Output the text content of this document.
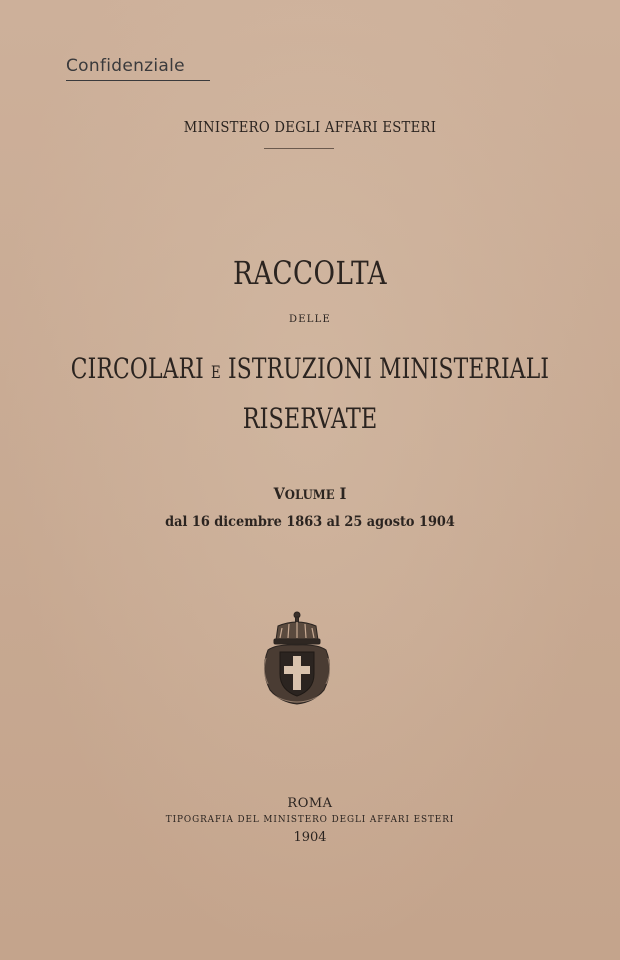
Confidenziale
MINISTERO DEGLI AFFARI ESTERI
RACCOLTA
DELLE
CIRCOLARI E ISTRUZIONI MINISTERIALI
RISERVATE
VOLUME I
dal 16 dicembre 1863 al 25 agosto 1904
ROMA
TIPOGRAFIA DEL MINISTERO DEGLI AFFARI ESTERI
1904
